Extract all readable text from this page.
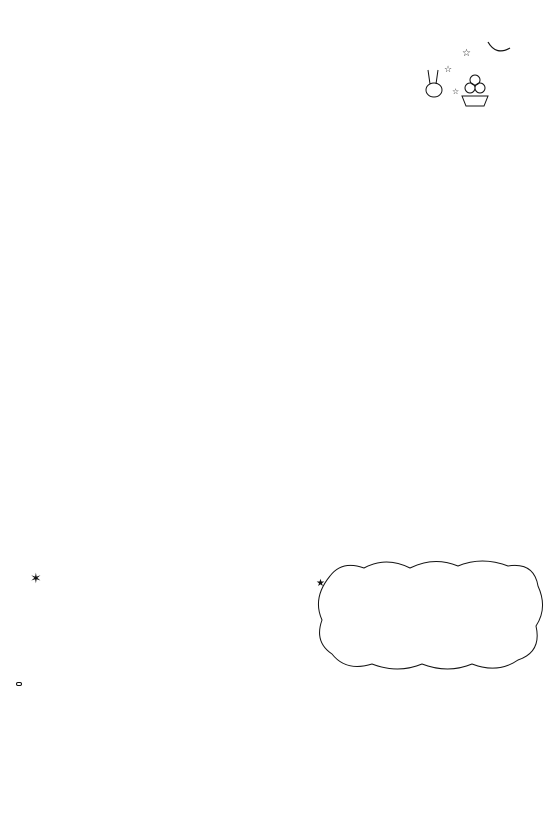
☆
☆
☆
✶	★
